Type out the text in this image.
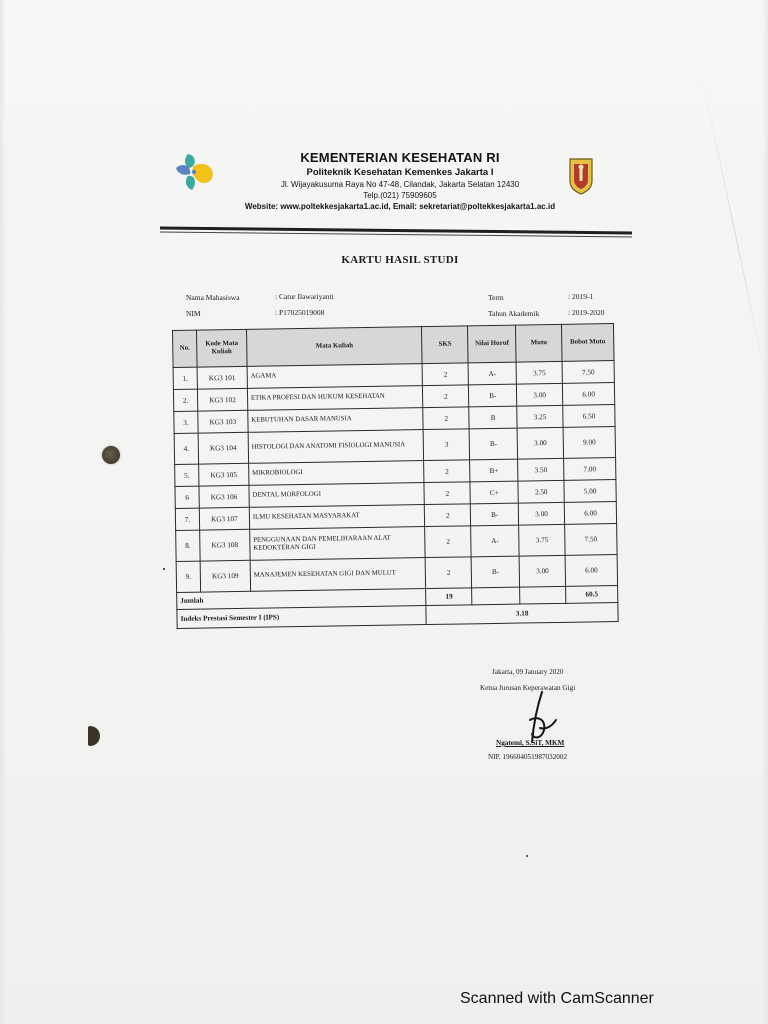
KEMENTERIAN KESEHATAN RI
Politeknik Kesehatan Kemenkes Jakarta I
Jl. Wijayakusuma Raya No 47-48, Cilandak, Jakarta Selatan 12430
Telp.(021) 75909605
Website: www.poltekkesjakarta1.ac.id, Email: sekretariat@poltekkesjakarta1.ac.id
KARTU HASIL STUDI
Nama Mahasiswa	: Catur Ilawariyanti
NIM	: P17025019008
Term	: 2019-1
Tahun Akademik	: 2019-2020
No.	Kode Mata Kuliah	Mata Kuliah	SKS	Nilai Huruf	Mutu	Bobot Mutu
1.	KG3 101	AGAMA	2	A-	3.75	7.50
2.	KG3 102	ETIKA PROFESI DAN HUKUM KESEHATAN	2	B-	3.00	6.00
3.	KG3 103	KEBUTUHAN DASAR MANUSIA	2	B	3.25	6.50
4.	KG3 104	HISTOLOGI DAN ANATOMI FISIOLOGI MANUSIA	3	B-	3.00	9.00
5.	KG3 105	MIKROBIOLOGI	2	B+	3.50	7.00
6	KG3 106	DENTAL MORFOLOGI	2	C+	2.50	5.00
7.	KG3 107	ILMU KESEHATAN MASYARAKAT	2	B-	3.00	6.00
8.	KG3 108	PENGGUNAAN DAN PEMELIHARAAN ALAT KEDOKTERAN GIGI	2	A-	3.75	7.50
9.	KG3 109	MANAJEMEN KESEHATAN GIGI DAN MULUT	2	B-	3.00	6.00
Jumlah			19			60.5
Indeks Prestasi Semester I (IPS)			3.18			
Jakarta, 09 January 2020
Ketua Jurusan Keperawatan Gigi
Ngatemi, S.SiT, MKM
NIP. 196604051987032002
Scanned with CamScanner
